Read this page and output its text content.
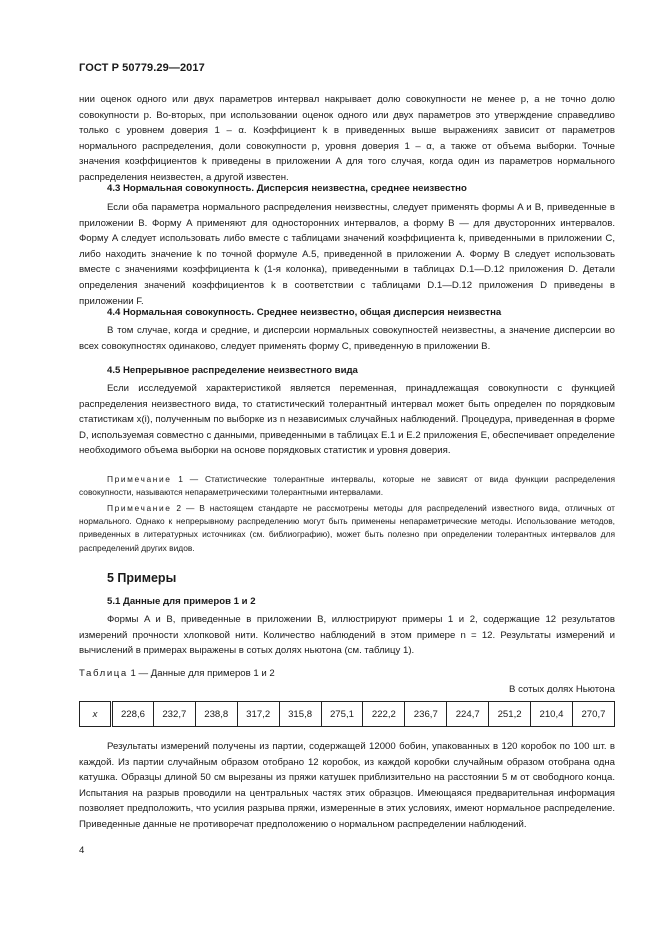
ГОСТ Р 50779.29—2017

нии оценок одного или двух параметров интервал накрывает долю совокупности не менее p, а не точно долю совокупности p. Во-вторых, при использовании оценок одного или двух параметров это утверждение справедливо только с уровнем доверия 1 – α. Коэффициент k в приведенных выше выражениях зависит от параметров нормального распределения, доли совокупности p, уровня доверия 1 – α, а также от объема выборки. Точные значения коэффициентов k приведены в приложении A для того случая, когда один из параметров нормального распределения неизвестен, а другой известен.

4.3 Нормальная совокупность. Дисперсия неизвестна, среднее неизвестно

Если оба параметра нормального распределения неизвестны, следует применять формы A и B, приведенные в приложении B. Форму A применяют для односторонних интервалов, а форму B — для двусторонних интервалов. Форму A следует использовать либо вместе с таблицами значений коэффициента k, приведенными в приложении C, либо находить значение k по точной формуле A.5, приведенной в приложении A. Форму B следует использовать вместе с значениями коэффициента k (1-я колонка), приведенными в таблицах D.1—D.12 приложения D. Детали определения значений коэффициентов k в соответствии с таблицами D.1—D.12 приложения D приведены в приложении F.

4.4 Нормальная совокупность. Среднее неизвестно, общая дисперсия неизвестна

В том случае, когда и средние, и дисперсии нормальных совокупностей неизвестны, а значение дисперсии во всех совокупностях одинаково, следует применять форму C, приведенную в приложении B.

4.5 Непрерывное распределение неизвестного вида

Если исследуемой характеристикой является переменная, принадлежащая совокупности с функцией распределения неизвестного вида, то статистический толерантный интервал может быть определен по порядковым статистикам x(i), полученным по выборке из n независимых случайных наблюдений. Процедура, приведенная в форме D, используемая совместно с данными, приведенными в таблицах E.1 и E.2 приложения E, обеспечивает определение необходимого объема выборки на основе порядковых статистик и уровня доверия.

Примечание 1 — Статистические толерантные интервалы, которые не зависят от вида функции распределения совокупности, называются непараметрическими толерантными интервалами.

Примечание 2 — В настоящем стандарте не рассмотрены методы для распределений известного вида, отличных от нормального. Однако к непрерывному распределению могут быть применены непараметрические методы. Использование методов, приведенных в литературных источниках (см. библиографию), может быть полезно при определении толерантных интервалов для распределений других видов.

5 Примеры
5.1 Данные для примеров 1 и 2

Формы A и B, приведенные в приложении B, иллюстрируют примеры 1 и 2, содержащие 12 результатов измерений прочности хлопковой нити. Количество наблюдений в этом примере n = 12. Результаты измерений и вычислений в примерах выражены в сотых долях ньютона (см. таблицу 1).

Таблица 1 — Данные для примеров 1 и 2
В сотых долях Ньютона
x	228,6	232,7	238,8	317,2	315,8	275,1	222,2	236,7	224,7	251,2	210,4	270,7

Результаты измерений получены из партии, содержащей 12000 бобин, упакованных в 120 коробок по 100 шт. в каждой. Из партии случайным образом отобрано 12 коробок, из каждой коробки случайным образом отобрана одна катушка. Образцы длиной 50 см вырезаны из пряжи катушек приблизительно на расстоянии 5 м от свободного конца. Испытания на разрыв проводили на центральных частях этих образцов. Имеющаяся предварительная информация позволяет предположить, что усилия разрыва пряжи, измеренные в этих условиях, имеют нормальное распределение. Приведенные данные не противоречат предположению о нормальном распределении наблюдений.

4
